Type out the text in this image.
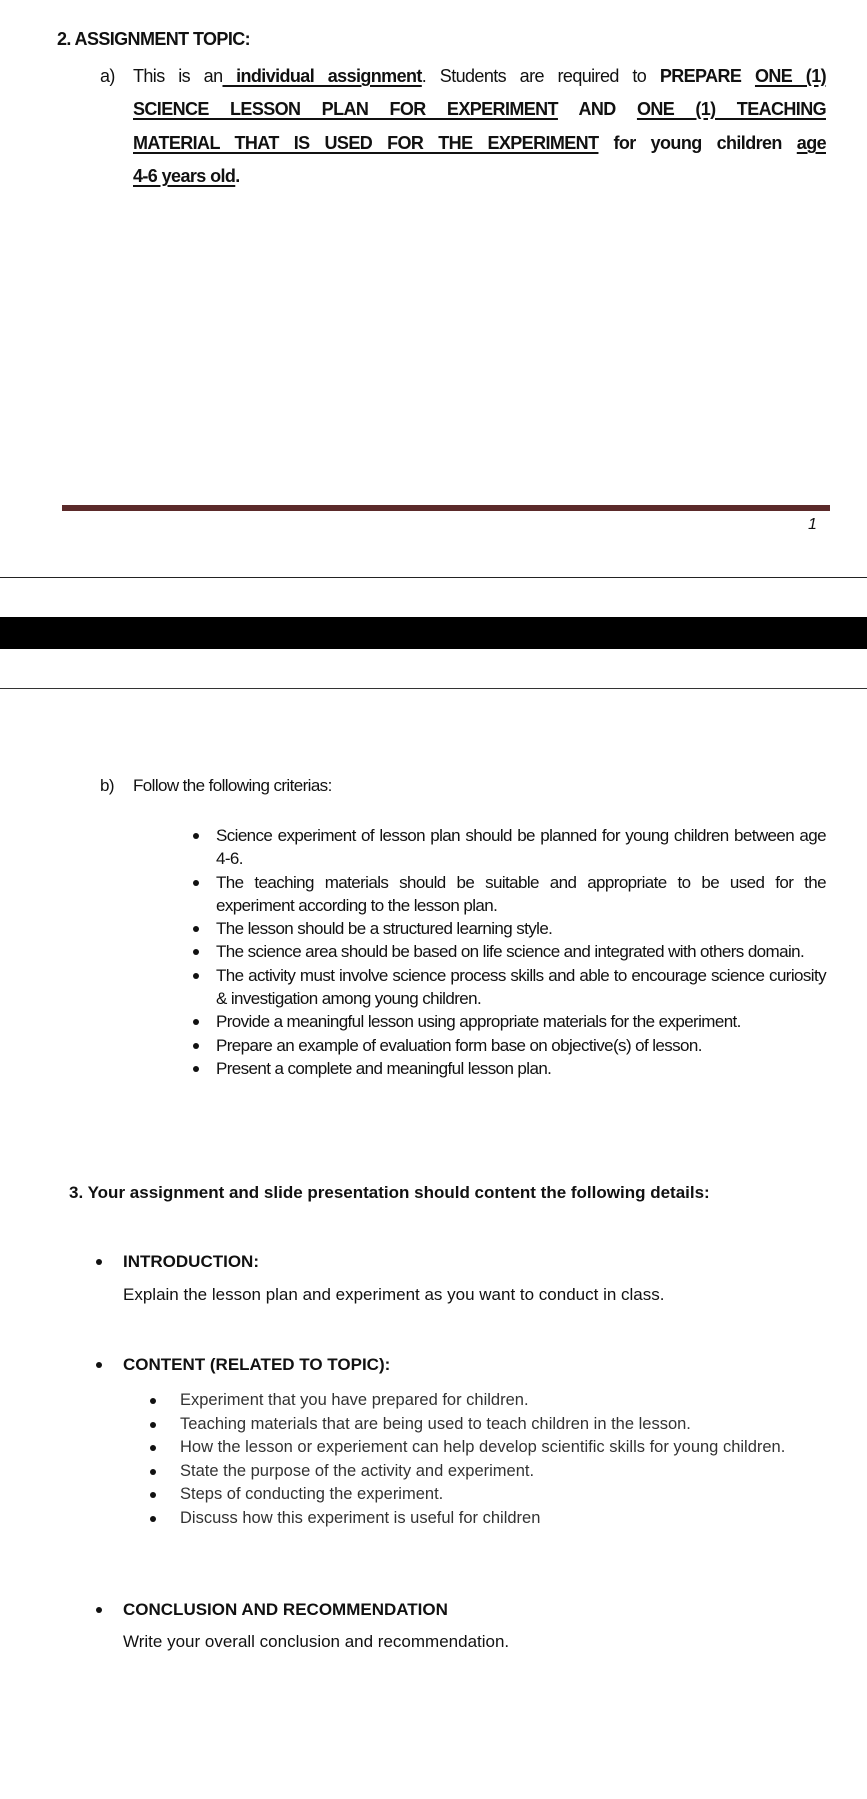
2. ASSIGNMENT TOPIC:
a) This is an individual assignment. Students are required to PREPARE ONE (1)
SCIENCE LESSON PLAN FOR EXPERIMENT AND ONE (1) TEACHING
MATERIAL THAT IS USED FOR THE EXPERIMENT for young children age
4-6 years old.
1
b) Follow the following criterias:
Science experiment of lesson plan should be planned for young children between age 4-6.
The teaching materials should be suitable and appropriate to be used for the experiment according to the lesson plan.
The lesson should be a structured learning style.
The science area should be based on life science and integrated with others domain.
The activity must involve science process skills and able to encourage science curiosity & investigation among young children.
Provide a meaningful lesson using appropriate materials for the experiment.
Prepare an example of evaluation form base on objective(s) of lesson.
Present a complete and meaningful lesson plan.
3. Your assignment and slide presentation should content the following details:
INTRODUCTION:
Explain the lesson plan and experiment as you want to conduct in class.
CONTENT (RELATED TO TOPIC):
Experiment that you have prepared for children.
Teaching materials that are being used to teach children in the lesson.
How the lesson or experiement can help develop scientific skills for young children.
State the purpose of the activity and experiment.
Steps of conducting the experiment.
Discuss how this experiment is useful for children
CONCLUSION AND RECOMMENDATION
Write your overall conclusion and recommendation.
